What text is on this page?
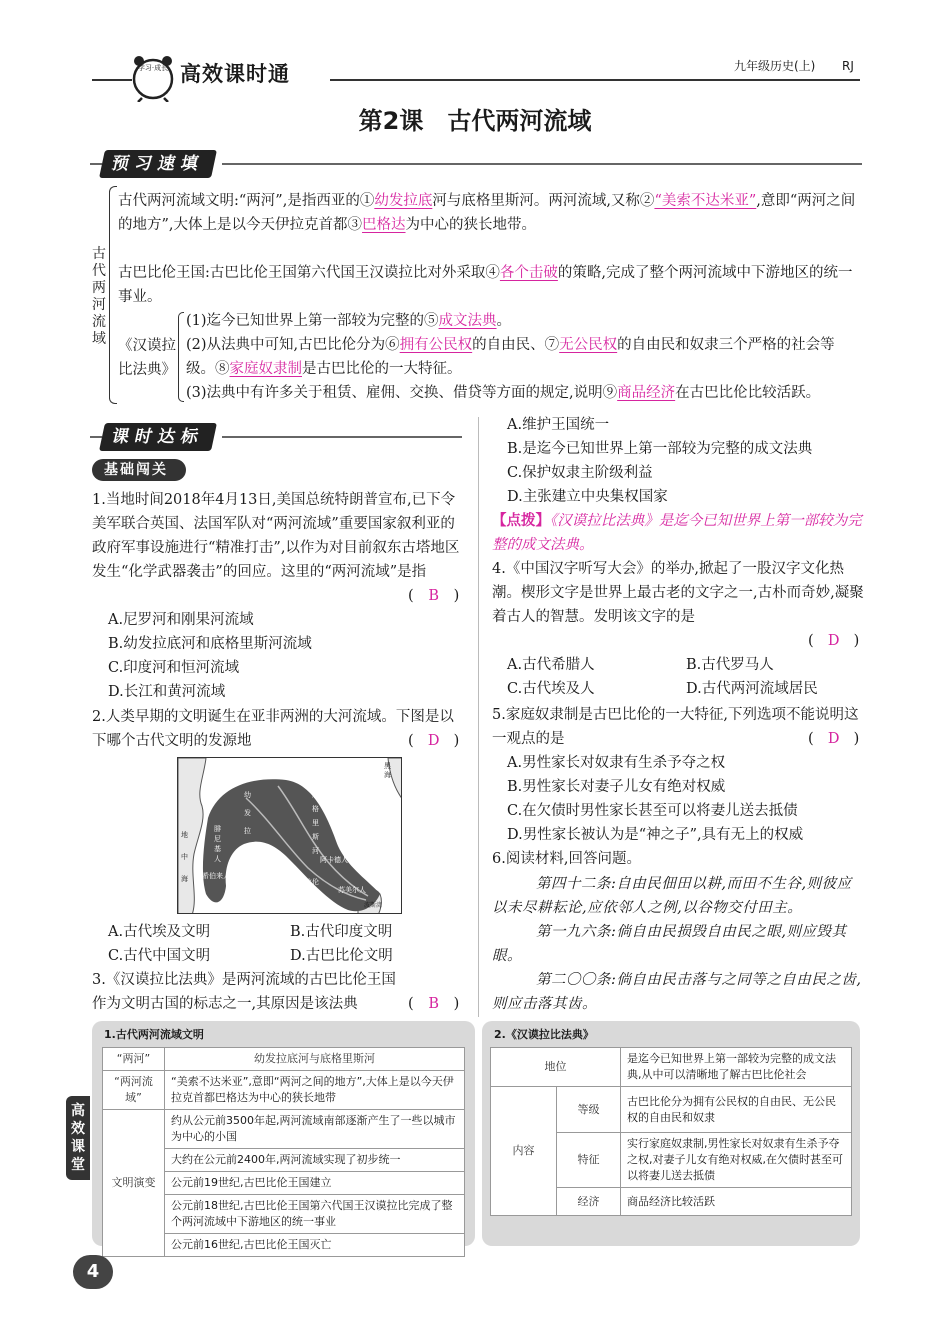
学习·成长 高效课时通	九年级历史(上) RJ
第2课　古代两河流域
预习速填
古代两河流域
古代两河流域文明:“两河”,是指西亚的①幼发拉底河与底格里斯河。两河流域,又称②“美索不达米亚”,意即“两河之间的地方”,大体上是以今天伊拉克首都③巴格达为中心的狭长地带。
古巴比伦王国:古巴比伦王国第六代国王汉谟拉比对外采取④各个击破的策略,完成了整个两河流域中下游地区的统一事业。
《汉谟拉比法典》
(1)迄今已知世界上第一部较为完整的⑤成文法典。
(2)从法典中可知,古巴比伦分为⑥拥有公民权的自由民、⑦无公民权的自由民和奴隶三个严格的社会等级。⑧家庭奴隶制是古巴比伦的一大特征。
(3)法典中有许多关于租赁、雇佣、交换、借贷等方面的规定,说明⑨商品经济在古巴比伦比较活跃。
课时达标
基础闯关
1.当地时间2018年4月13日,美国总统特朗普宣布,已下令美军联合英国、法国军队对“两河流域”重要国家叙利亚的政府军事设施进行“精准打击”,以作为对目前叙东古塔地区发生“化学武器袭击”的回应。这里的“两河流域”是指
( B )
A.尼罗河和刚果河流域
B.幼发拉底河和底格里斯河流域
C.印度河和恒河流域
D.长江和黄河流域
2.人类早期的文明诞生在亚非两洲的大河流域。下图是以下哪个古代文明的发源地	( D )
黑海
地中海
幼发拉底河
底格里斯河
腓尼基人
希伯来人
阿卡德人
巴比伦
苏美尔人
波斯湾
A.古代埃及文明	B.古代印度文明
C.古代中国文明	D.古巴比伦文明
3.《汉谟拉比法典》是两河流域的古巴比伦王国作为文明古国的标志之一,其原因是该法典	( B )
A.维护王国统一
B.是迄今已知世界上第一部较为完整的成文法典
C.保护奴隶主阶级利益
D.主张建立中央集权国家
【点拨】《汉谟拉比法典》是迄今已知世界上第一部较为完整的成文法典。
4.《中国汉字听写大会》的举办,掀起了一股汉字文化热潮。楔形文字是世界上最古老的文字之一,古朴而奇妙,凝聚着古人的智慧。发明该文字的是
( D )
A.古代希腊人	B.古代罗马人
C.古代埃及人	D.古代两河流域居民
5.家庭奴隶制是古巴比伦的一大特征,下列选项不能说明这一观点的是	( D )
A.男性家长对奴隶有生杀予夺之权
B.男性家长对妻子儿女有绝对权威
C.在欠债时男性家长甚至可以将妻儿送去抵债
D.男性家长被认为是“神之子”,具有无上的权威
6.阅读材料,回答问题。
第四十二条:自由民佃田以耕,而田不生谷,则彼应以未尽耕耘论,应依邻人之例,以谷物交付田主。
第一九六条:倘自由民损毁自由民之眼,则应毁其眼。
第二〇〇条:倘自由民击落与之同等之自由民之齿,则应击落其齿。
1.古代两河流域文明
“两河”	幼发拉底河与底格里斯河
“两河流域”	“美索不达米亚”,意即“两河之间的地方”,大体上是以今天伊拉克首都巴格达为中心的狭长地带
文明演变	约从公元前3500年起,两河流域南部逐渐产生了一些以城市为中心的小国
	大约在公元前2400年,两河流域实现了初步统一
	公元前19世纪,古巴比伦王国建立
	公元前18世纪,古巴比伦王国第六代国王汉谟拉比完成了整个两河流域中下游地区的统一事业
	公元前16世纪,古巴比伦王国灭亡
2.《汉谟拉比法典》
地位		是迄今已知世界上第一部较为完整的成文法典,从中可以清晰地了解古巴比伦社会
内容	等级	古巴比伦分为拥有公民权的自由民、无公民权的自由民和奴隶
	特征	实行家庭奴隶制,男性家长对奴隶有生杀予夺之权,对妻子儿女有绝对权威,在欠债时甚至可以将妻儿送去抵债
	经济	商品经济比较活跃
高效课堂
4
